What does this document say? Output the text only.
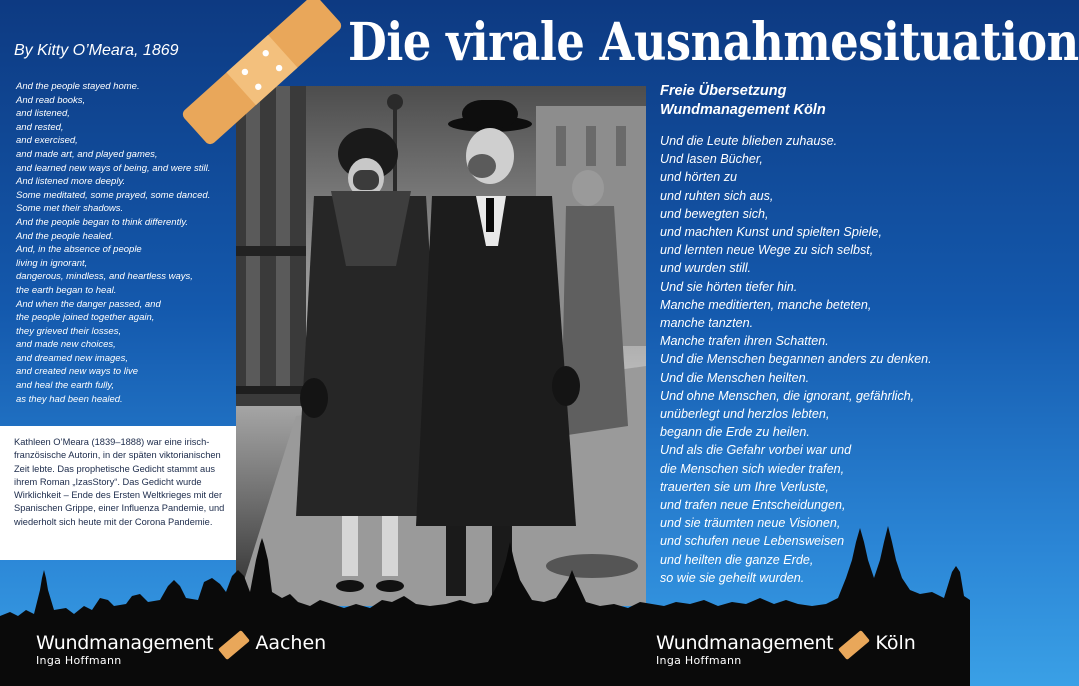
Die virale Ausnahmesituation
By Kitty O’Meara, 1869
And the people stayed home.
And read books,
and listened,
and rested,
and exercised,
and made art, and played games,
and learned new ways of being, and were still.
And listened more deeply.
Some meditated, some prayed, some danced.
Some met their shadows.
And the people began to think differently.
And the people healed.
And, in the absence of people
living in ignorant,
dangerous, mindless, and heartless ways,
the earth began to heal.
And when the danger passed, and
the people joined together again,
they grieved their losses,
and made new choices,
and dreamed new images,
and created new ways to live
and heal the earth fully,
as they had been healed.

Kathleen O’Meara (1839–1888) war eine irisch-französische Autorin, in der späten viktorianischen Zeit lebte. Das prophetische Gedicht stammt aus ihrem Roman „IzasStory“. Das Gedicht wurde Wirklichkeit – Ende des Ersten Weltkrieges mit der Spanischen Grippe, einer Influenza Pandemie, und wiederholt sich heute mit der Corona Pandemie.

Freie Übersetzung
Wundmanagement Köln
Und die Leute blieben zuhause.
Und lasen Bücher,
und hörten zu
und ruhten sich aus,
und bewegten sich,
und machten Kunst und spielten Spiele,
und lernten neue Wege zu sich selbst,
und wurden still.
Und sie hörten tiefer hin.
Manche meditierten, manche beteten,
manche tanzten.
Manche trafen ihren Schatten.
Und die Menschen begannen anders zu denken.
Und die Menschen heilten.
Und ohne Menschen, die ignorant, gefährlich,
unüberlegt und herzlos lebten,
begann die Erde zu heilen.
Und als die Gefahr vorbei war und
die Menschen sich wieder trafen,
trauerten sie um Ihre Verluste,
und trafen neue Entscheidungen,
und sie träumten neue Visionen,
und schufen neue Lebensweisen
und heilten die ganze Erde,
so wie sie geheilt wurden.
Wundmanagement Aachen
Inga Hoffmann
Wundmanagement Köln
Inga Hoffmann
